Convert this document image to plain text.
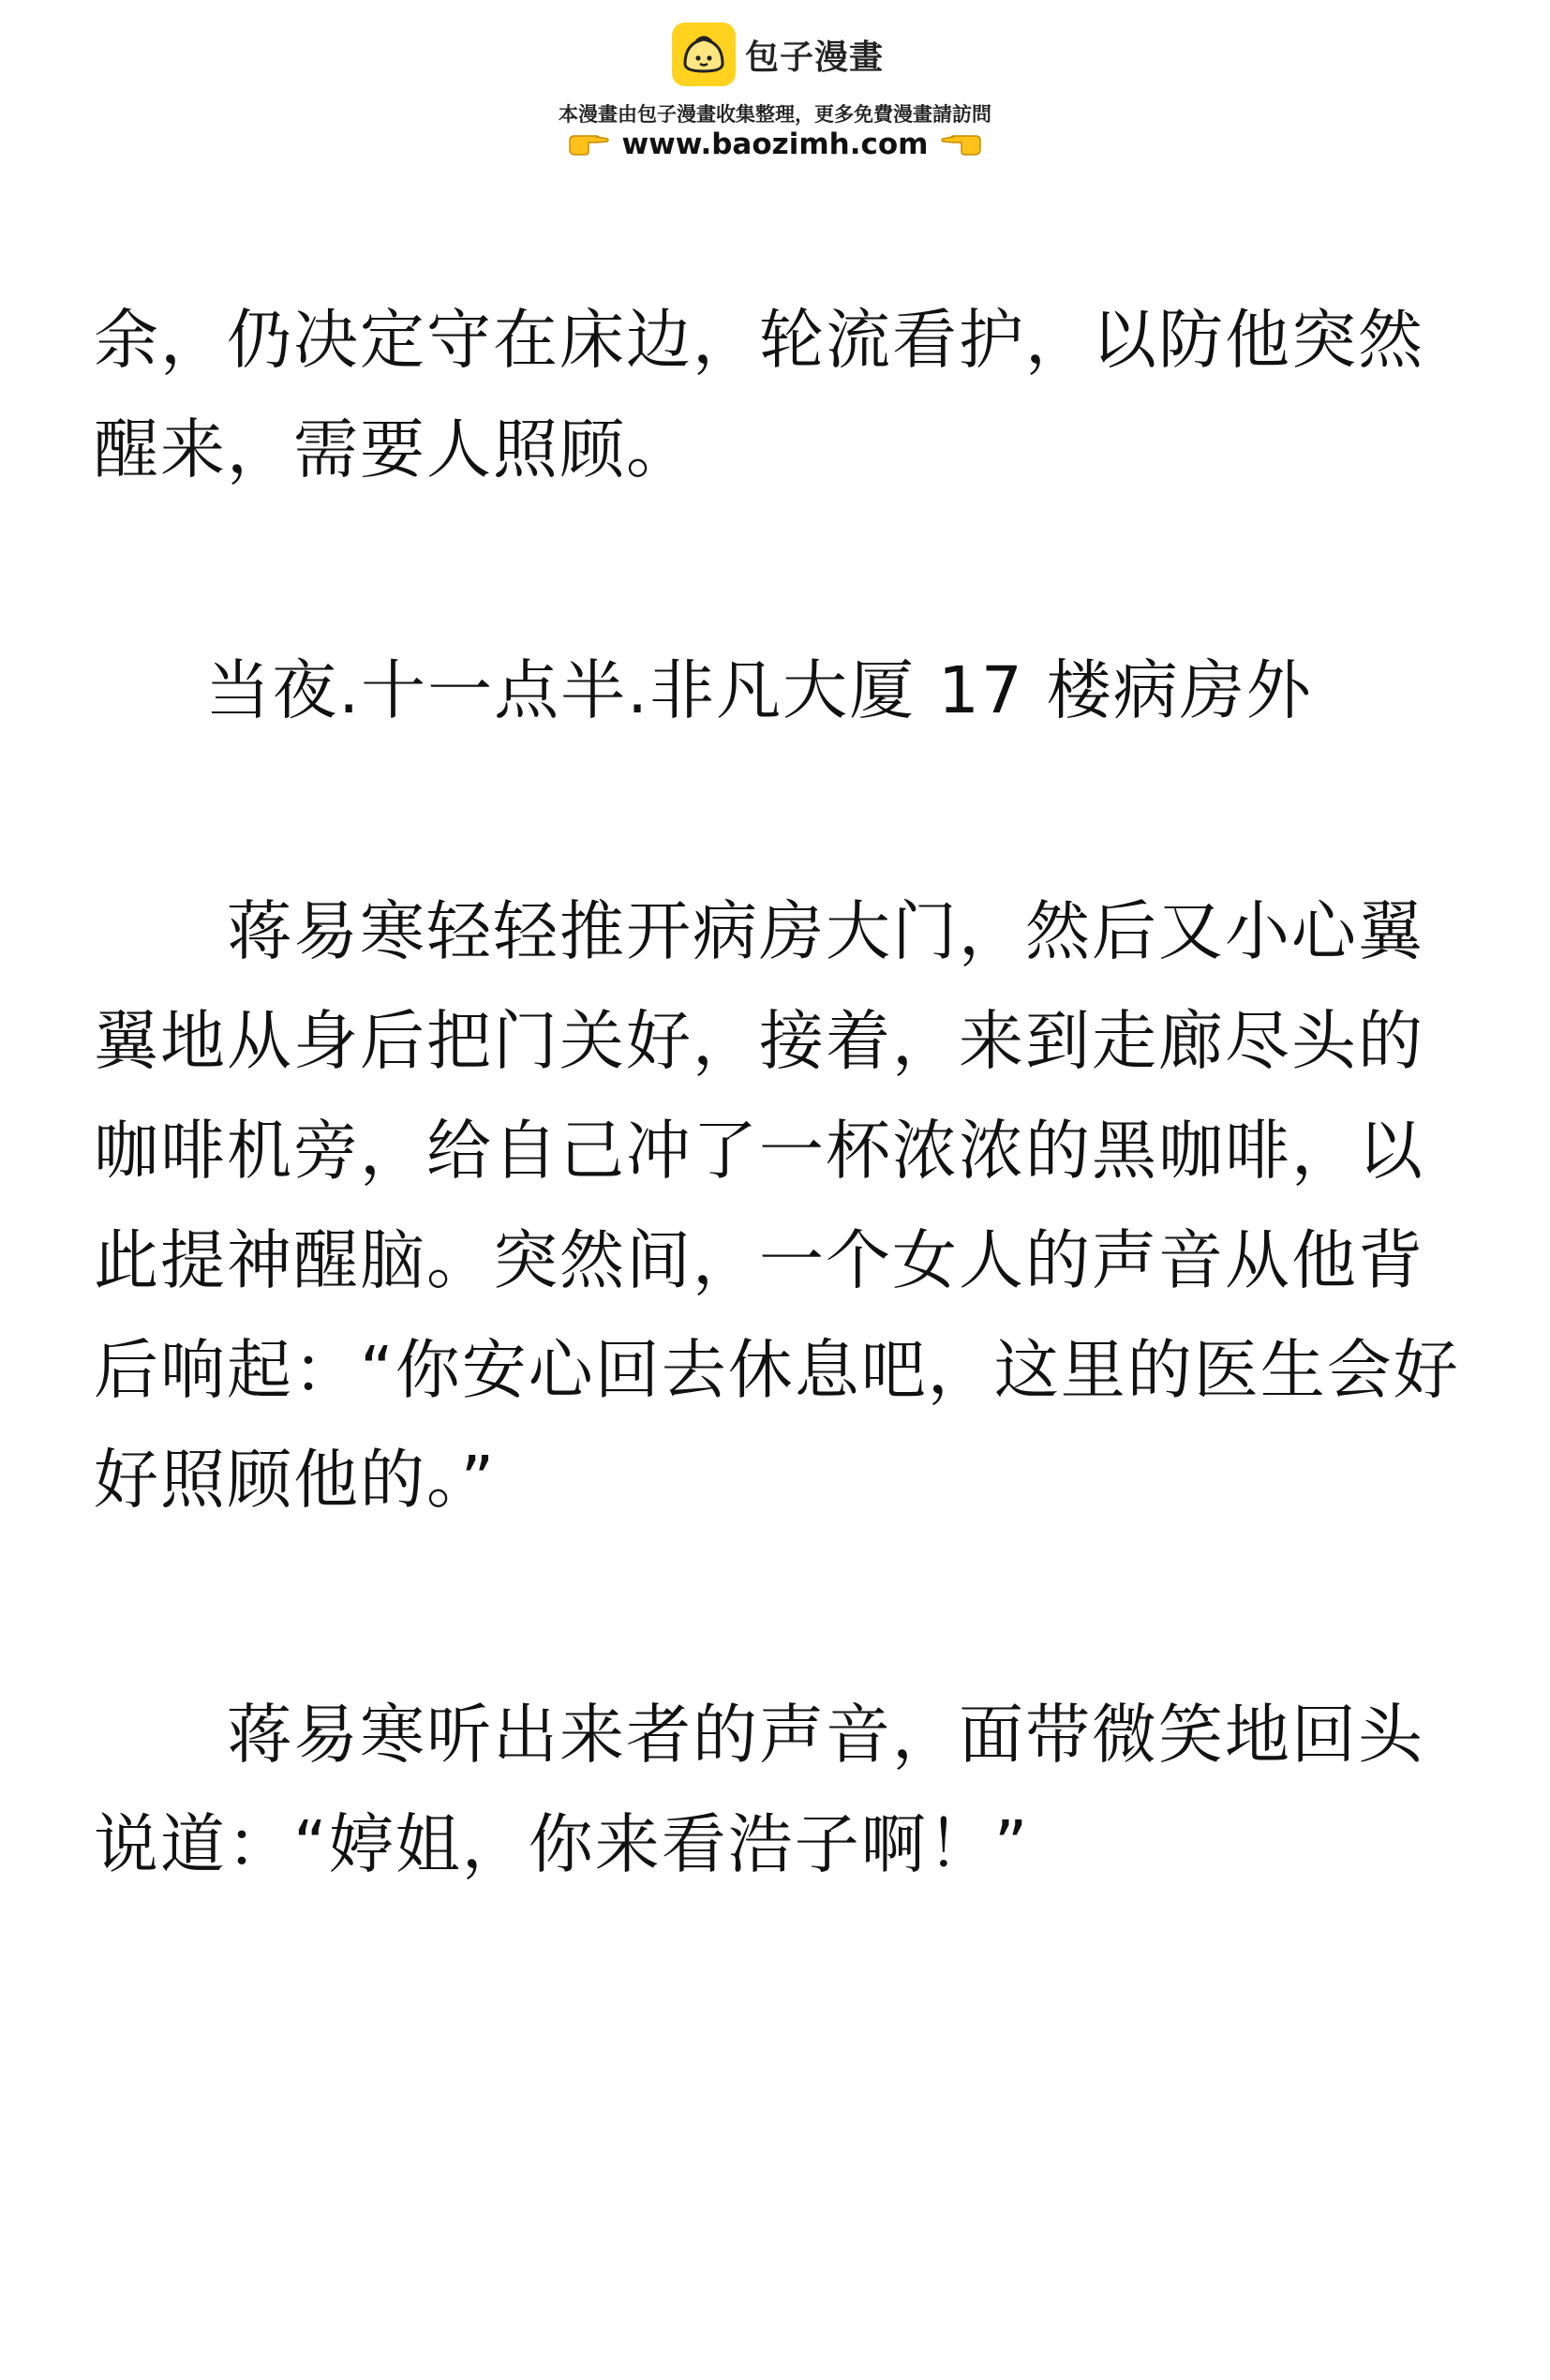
包子漫畫
本漫畫由包子漫畫收集整理，更多免費漫畫請訪問
www.baozimh.com

余，仍决定守在床边，轮流看护，以防他突然醒来，需要人照顾。

当夜.十一点半.非凡大厦 17 楼病房外

蒋易寒轻轻推开病房大门，然后又小心翼翼地从身后把门关好，接着，来到走廊尽头的咖啡机旁，给自己冲了一杯浓浓的黑咖啡，以此提神醒脑。突然间，一个女人的声音从他背后响起：“你安心回去休息吧，这里的医生会好好照顾他的。”

蒋易寒听出来者的声音，面带微笑地回头说道：“婷姐，你来看浩子啊！”
